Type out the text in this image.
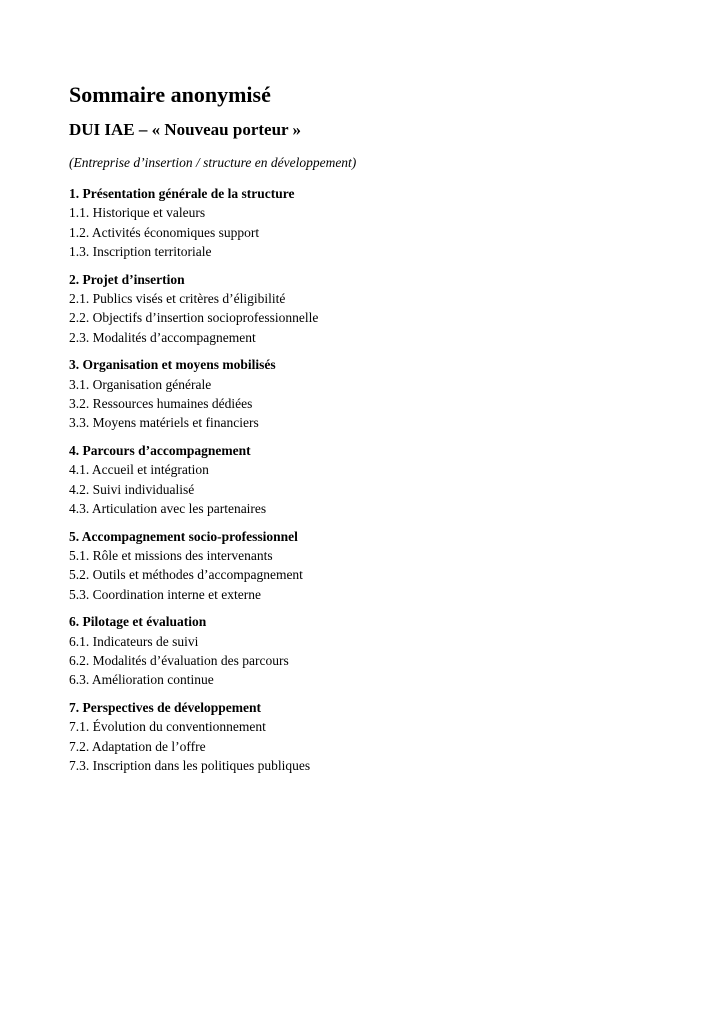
Sommaire anonymisé
DUI IAE – « Nouveau porteur »
(Entreprise d’insertion / structure en développement)
1. Présentation générale de la structure
1.1. Historique et valeurs
1.2. Activités économiques support
1.3. Inscription territoriale
2. Projet d’insertion
2.1. Publics visés et critères d’éligibilité
2.2. Objectifs d’insertion socioprofessionnelle
2.3. Modalités d’accompagnement
3. Organisation et moyens mobilisés
3.1. Organisation générale
3.2. Ressources humaines dédiées
3.3. Moyens matériels et financiers
4. Parcours d’accompagnement
4.1. Accueil et intégration
4.2. Suivi individualisé
4.3. Articulation avec les partenaires
5. Accompagnement socio-professionnel
5.1. Rôle et missions des intervenants
5.2. Outils et méthodes d’accompagnement
5.3. Coordination interne et externe
6. Pilotage et évaluation
6.1. Indicateurs de suivi
6.2. Modalités d’évaluation des parcours
6.3. Amélioration continue
7. Perspectives de développement
7.1. Évolution du conventionnement
7.2. Adaptation de l’offre
7.3. Inscription dans les politiques publiques
